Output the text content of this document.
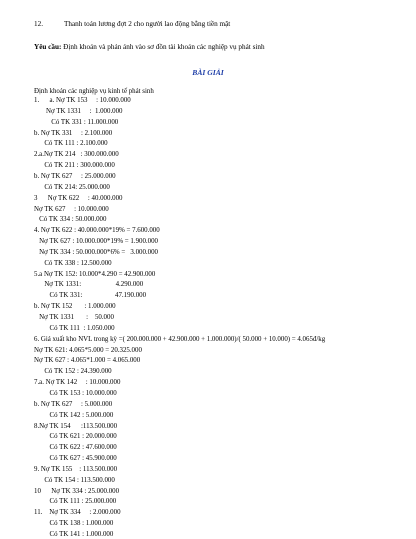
12.	Thanh toán lương đợt 2 cho người lao động bằng tiền mặt
Yêu cầu: Định khoản và phản ánh vào sơ đồn tài khoản các nghiệp vụ phát sinh
BÀI GIẢI
Định khoản các nghiệp vụ kinh tế phát sinh
1.      a. Nợ TK 153     : 10.000.000
Nợ TK 1331     :  1.000.000
Có TK 331 : 11.000.000
b. Nợ TK 331     : 2.100.000
Có TK 111 : 2.100.000
2.a.Nợ TK 214   : 300.000.000
Có TK 211 : 300.000.000
b. Nợ TK 627     : 25.000.000
Có TK 214: 25.000.000
3      Nợ TK 622     : 40.000.000
Nợ TK 627     : 10.000.000
Có TK 334 : 50.000.000
4. Nợ TK 622 : 40.000.000*19% = 7.600.000
Nợ TK 627 : 10.000.000*19% = 1.900.000
Nợ TK 334 : 50.000.000*6% =   3.000.000
Có TK 338 : 12.500.000
5.a Nợ TK 152: 10.000*4.290 = 42.900.000
Nợ TK 1331:                    4.290.000
Có TK 331:                   47.190.000
b. Nợ TK 152       : 1.000.000
Nợ TK 1331       :    50.000
Có TK 111  : 1.050.000
6. Giá xuất kho NVL trong kỳ =( 200.000.000 + 42.900.000 + 1.000.000)/( 50.000 + 10.000) = 4.065đ/kg
Nợ TK 621: 4.065*5.000 = 20.325.000
Nợ TK 627 : 4.065*1.000 = 4.065.000
Có TK 152 : 24.390.000
7.a. Nợ TK 142     : 10.000.000
Có TK 153 : 10.000.000
b. Nợ TK 627     : 5.000.000
Có TK 142 : 5.000.000
8.Nợ TK 154      :113.500.000
Có TK 621 : 20.000.000
Có TK 622 : 47.600.000
Có TK 627 : 45.900.000
9. Nợ TK 155    : 113.500.000
Có TK 154 : 113.500.000
10      Nợ TK 334 : 25.000.000
Có TK 111 : 25.000.000
11.    Nợ TK 334     : 2.000.000
Có TK 138 : 1.000.000
Có TK 141 : 1.000.000
